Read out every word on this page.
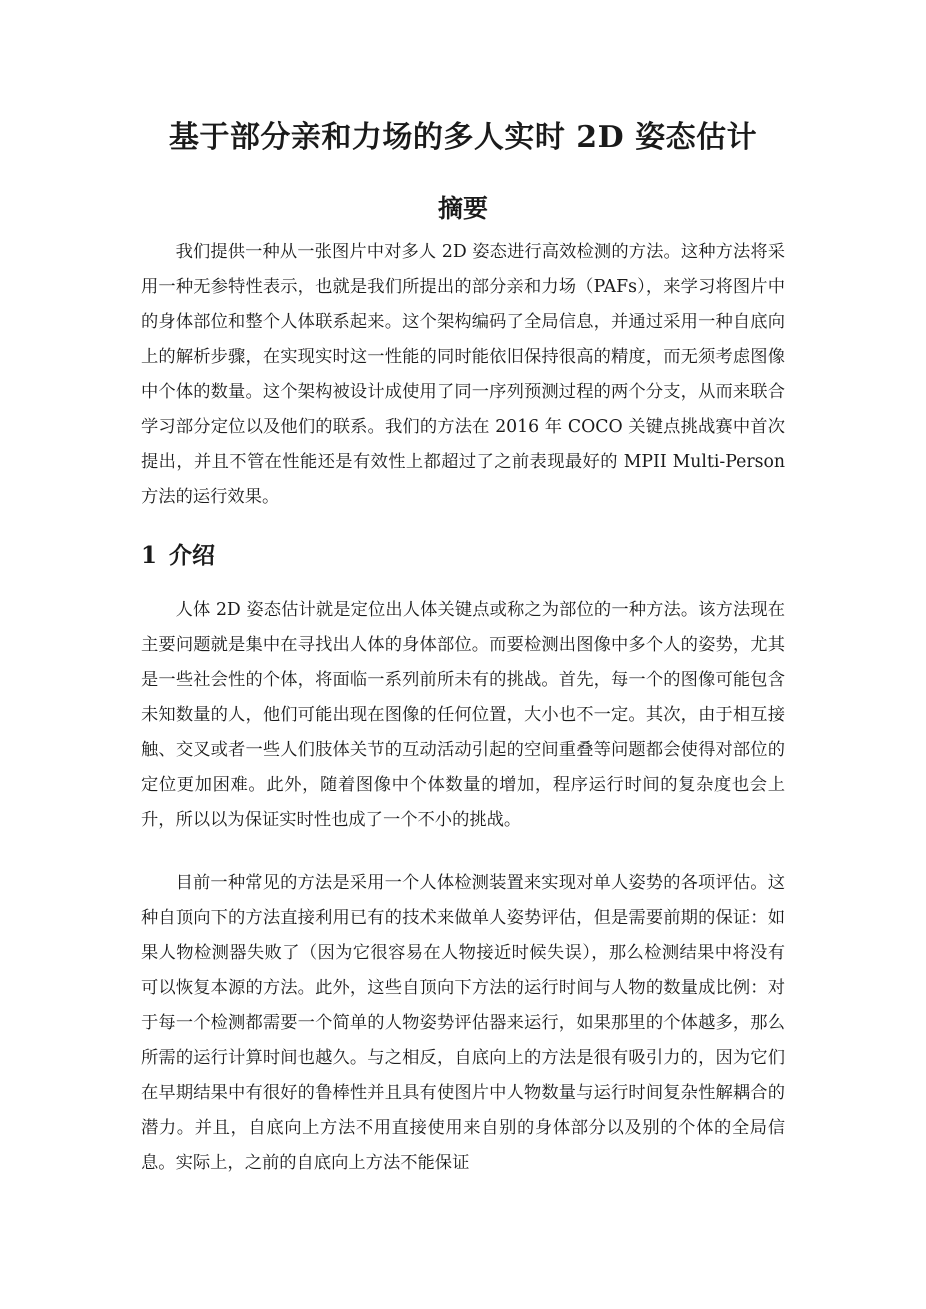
基于部分亲和力场的多人实时 2D 姿态估计
摘要

我们提供一种从一张图片中对多人 2D 姿态进行高效检测的方法。这种方法将采用一种无参特性表示，也就是我们所提出的部分亲和力场（PAFs），来学习将图片中的身体部位和整个人体联系起来。这个架构编码了全局信息，并通过采用一种自底向上的解析步骤，在实现实时这一性能的同时能依旧保持很高的精度，而无须考虑图像中个体的数量。这个架构被设计成使用了同一序列预测过程的两个分支，从而来联合学习部分定位以及他们的联系。我们的方法在 2016 年 COCO 关键点挑战赛中首次提出，并且不管在性能还是有效性上都超过了之前表现最好的 MPII Multi-Person 方法的运行效果。

1 介绍

人体 2D 姿态估计就是定位出人体关键点或称之为部位的一种方法。该方法现在主要问题就是集中在寻找出人体的身体部位。而要检测出图像中多个人的姿势，尤其是一些社会性的个体，将面临一系列前所未有的挑战。首先，每一个的图像可能包含未知数量的人，他们可能出现在图像的任何位置，大小也不一定。其次，由于相互接触、交叉或者一些人们肢体关节的互动活动引起的空间重叠等问题都会使得对部位的定位更加困难。此外，随着图像中个体数量的增加，程序运行时间的复杂度也会上升，所以以为保证实时性也成了一个不小的挑战。

目前一种常见的方法是采用一个人体检测装置来实现对单人姿势的各项评估。这种自顶向下的方法直接利用已有的技术来做单人姿势评估，但是需要前期的保证：如果人物检测器失败了（因为它很容易在人物接近时候失误），那么检测结果中将没有可以恢复本源的方法。此外，这些自顶向下方法的运行时间与人物的数量成比例：对于每一个检测都需要一个简单的人物姿势评估器来运行，如果那里的个体越多，那么所需的运行计算时间也越久。与之相反，自底向上的方法是很有吸引力的，因为它们在早期结果中有很好的鲁棒性并且具有使图片中人物数量与运行时间复杂性解耦合的潜力。并且，自底向上方法不用直接使用来自别的身体部分以及别的个体的全局信息。实际上，之前的自底向上方法不能保证
